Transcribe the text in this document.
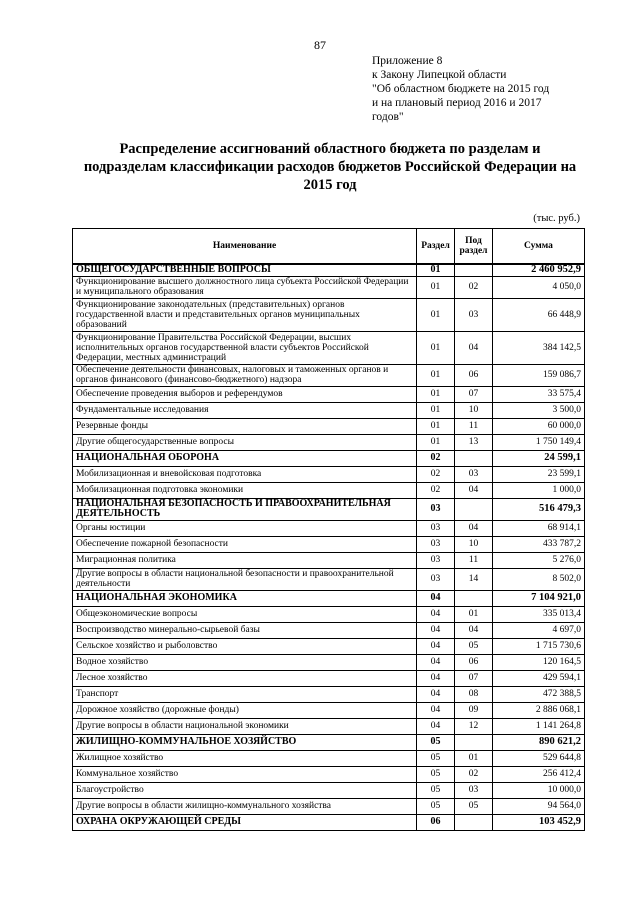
87
Приложение 8
к Закону Липецкой области
"Об областном бюджете на 2015 год
и на плановый период 2016 и 2017
годов"
Распределение ассигнований областного бюджета по разделам и
подразделам классификации расходов бюджетов Российской Федерации на
2015 год
(тыс. руб.)
Наименование	Раздел	Под раздел	Сумма
ОБЩЕГОСУДАРСТВЕННЫЕ ВОПРОСЫ	01		2 460 952,9
Функционирование высшего должностного лица субъекта Российской Федерации и муниципального образования	01	02	4 050,0
Функционирование законодательных (представительных) органов государственной власти и представительных органов муниципальных образований	01	03	66 448,9
Функционирование Правительства Российской Федерации, высших исполнительных органов государственной власти субъектов Российской Федерации, местных администраций	01	04	384 142,5
Обеспечение деятельности финансовых, налоговых и таможенных органов и органов финансового (финансово-бюджетного) надзора	01	06	159 086,7
Обеспечение проведения выборов и референдумов	01	07	33 575,4
Фундаментальные исследования	01	10	3 500,0
Резервные фонды	01	11	60 000,0
Другие общегосударственные вопросы	01	13	1 750 149,4
НАЦИОНАЛЬНАЯ ОБОРОНА	02		24 599,1
Мобилизационная и вневойсковая подготовка	02	03	23 599,1
Мобилизационная подготовка экономики	02	04	1 000,0
НАЦИОНАЛЬНАЯ БЕЗОПАСНОСТЬ И ПРАВООХРАНИТЕЛЬНАЯ ДЕЯТЕЛЬНОСТЬ	03		516 479,3
Органы юстиции	03	04	68 914,1
Обеспечение пожарной безопасности	03	10	433 787,2
Миграционная политика	03	11	5 276,0
Другие вопросы в области национальной безопасности и правоохранительной деятельности	03	14	8 502,0
НАЦИОНАЛЬНАЯ ЭКОНОМИКА	04		7 104 921,0
Общеэкономические вопросы	04	01	335 013,4
Воспроизводство минерально-сырьевой базы	04	04	4 697,0
Сельское хозяйство и рыболовство	04	05	1 715 730,6
Водное хозяйство	04	06	120 164,5
Лесное хозяйство	04	07	429 594,1
Транспорт	04	08	472 388,5
Дорожное хозяйство (дорожные фонды)	04	09	2 886 068,1
Другие вопросы в области национальной экономики	04	12	1 141 264,8
ЖИЛИЩНО-КОММУНАЛЬНОЕ ХОЗЯЙСТВО	05		890 621,2
Жилищное хозяйство	05	01	529 644,8
Коммунальное хозяйство	05	02	256 412,4
Благоустройство	05	03	10 000,0
Другие вопросы в области жилищно-коммунального хозяйства	05	05	94 564,0
ОХРАНА ОКРУЖАЮЩЕЙ СРЕДЫ	06		103 452,9
